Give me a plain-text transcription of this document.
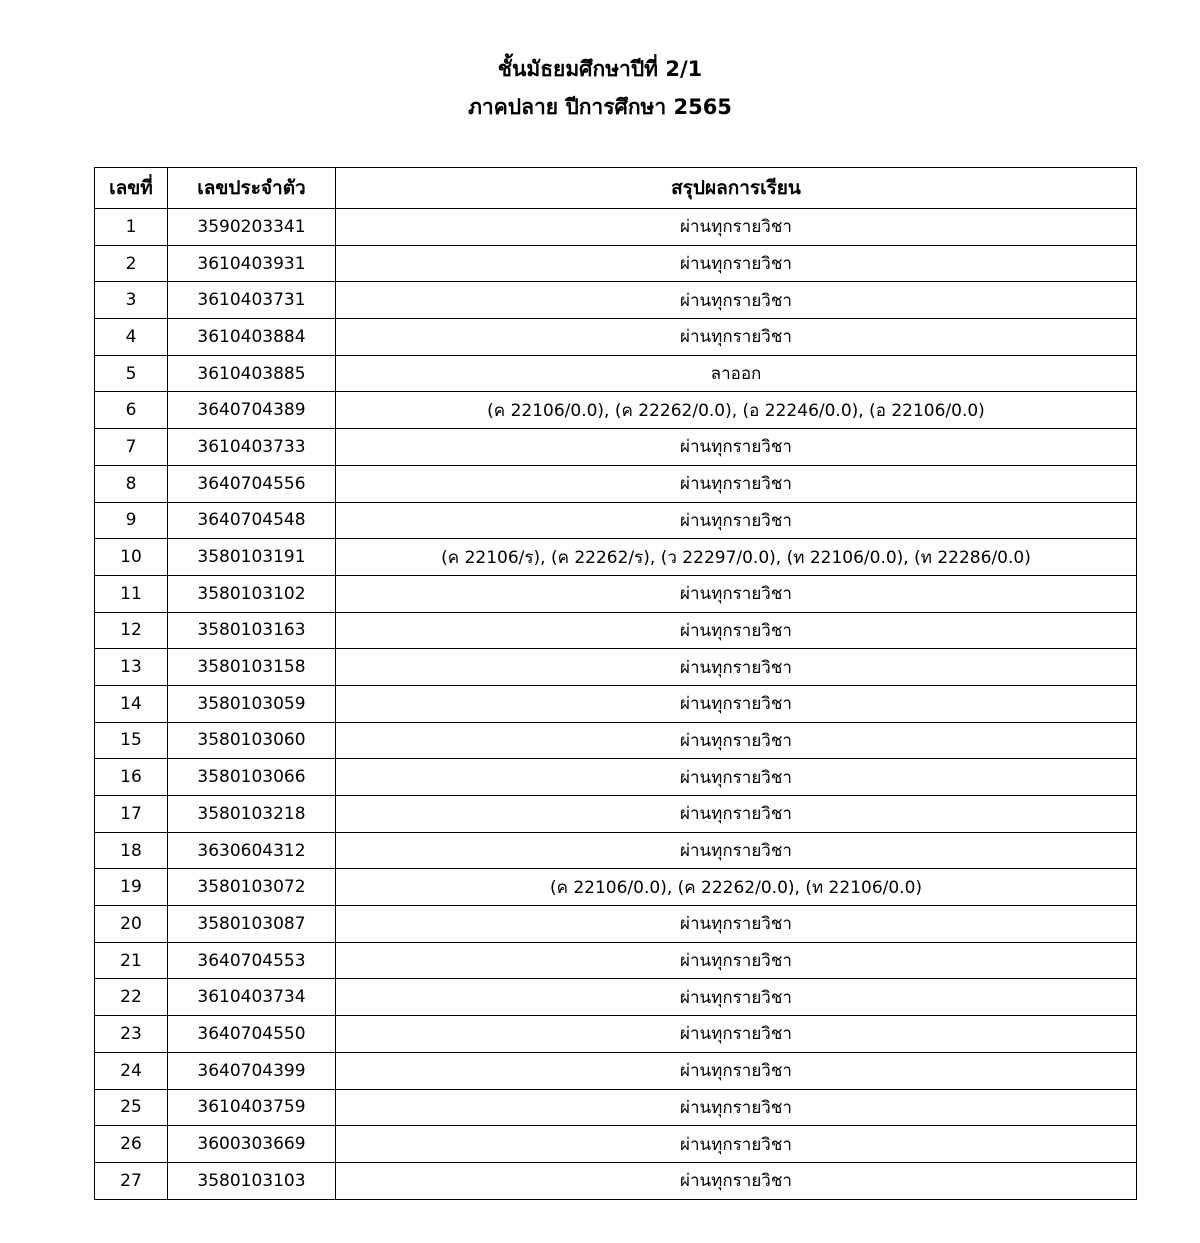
ชั้นมัธยมศึกษาปีที่ 2/1

ภาคปลาย ปีการศึกษา 2565

เลขที่	เลขประจำตัว	สรุปผลการเรียน
1	3590203341	ผ่านทุกรายวิชา
2	3610403931	ผ่านทุกรายวิชา
3	3610403731	ผ่านทุกรายวิชา
4	3610403884	ผ่านทุกรายวิชา
5	3610403885	ลาออก
6	3640704389	(ค 22106/0.0), (ค 22262/0.0), (อ 22246/0.0), (อ 22106/0.0)
7	3610403733	ผ่านทุกรายวิชา
8	3640704556	ผ่านทุกรายวิชา
9	3640704548	ผ่านทุกรายวิชา
10	3580103191	(ค 22106/ร), (ค 22262/ร), (ว 22297/0.0), (ท 22106/0.0), (ท 22286/0.0)
11	3580103102	ผ่านทุกรายวิชา
12	3580103163	ผ่านทุกรายวิชา
13	3580103158	ผ่านทุกรายวิชา
14	3580103059	ผ่านทุกรายวิชา
15	3580103060	ผ่านทุกรายวิชา
16	3580103066	ผ่านทุกรายวิชา
17	3580103218	ผ่านทุกรายวิชา
18	3630604312	ผ่านทุกรายวิชา
19	3580103072	(ค 22106/0.0), (ค 22262/0.0), (ท 22106/0.0)
20	3580103087	ผ่านทุกรายวิชา
21	3640704553	ผ่านทุกรายวิชา
22	3610403734	ผ่านทุกรายวิชา
23	3640704550	ผ่านทุกรายวิชา
24	3640704399	ผ่านทุกรายวิชา
25	3610403759	ผ่านทุกรายวิชา
26	3600303669	ผ่านทุกรายวิชา
27	3580103103	ผ่านทุกรายวิชา
